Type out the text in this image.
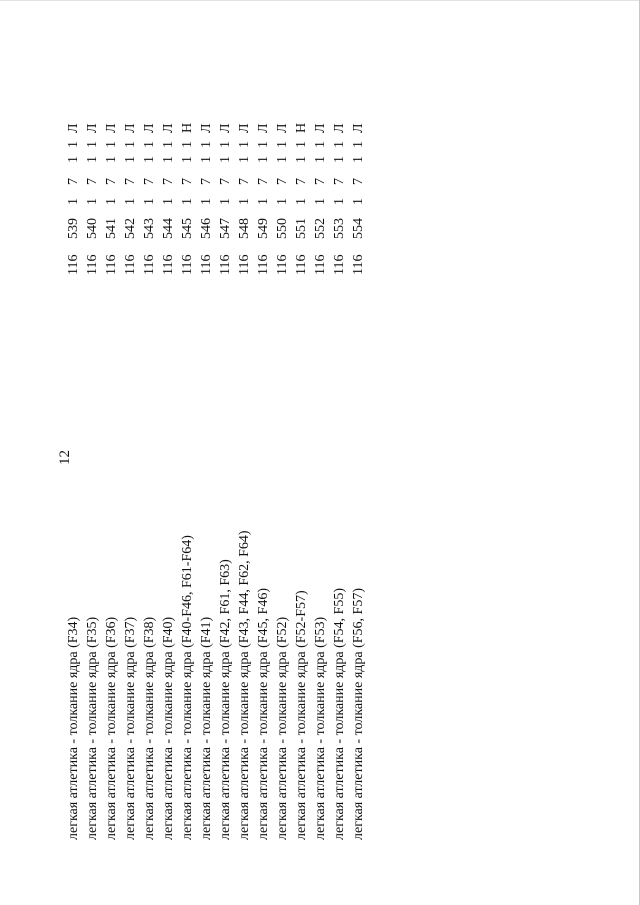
12
легкая атлетика - толкание ядра (F34)
116
539
1
7
1
1
Л
легкая атлетика - толкание ядра (F35)
116
540
1
7
1
1
Л
легкая атлетика - толкание ядра (F36)
116
541
1
7
1
1
Л
легкая атлетика - толкание ядра (F37)
116
542
1
7
1
1
Л
легкая атлетика - толкание ядра (F38)
116
543
1
7
1
1
Л
легкая атлетика - толкание ядра (F40)
116
544
1
7
1
1
Л
легкая атлетика - толкание ядра (F40-F46, F61-F64)
116
545
1
7
1
1
Н
легкая атлетика - толкание ядра (F41)
116
546
1
7
1
1
Л
легкая атлетика - толкание ядра (F42, F61, F63)
116
547
1
7
1
1
Л
легкая атлетика - толкание ядра (F43, F44, F62, F64)
116
548
1
7
1
1
Л
легкая атлетика - толкание ядра (F45, F46)
116
549
1
7
1
1
Л
легкая атлетика - толкание ядра (F52)
116
550
1
7
1
1
Л
легкая атлетика - толкание ядра (F52-F57)
116
551
1
7
1
1
Н
легкая атлетика - толкание ядра (F53)
116
552
1
7
1
1
Л
легкая атлетика - толкание ядра (F54, F55)
116
553
1
7
1
1
Л
легкая атлетика - толкание ядра (F56, F57)
116
554
1
7
1
1
Л
